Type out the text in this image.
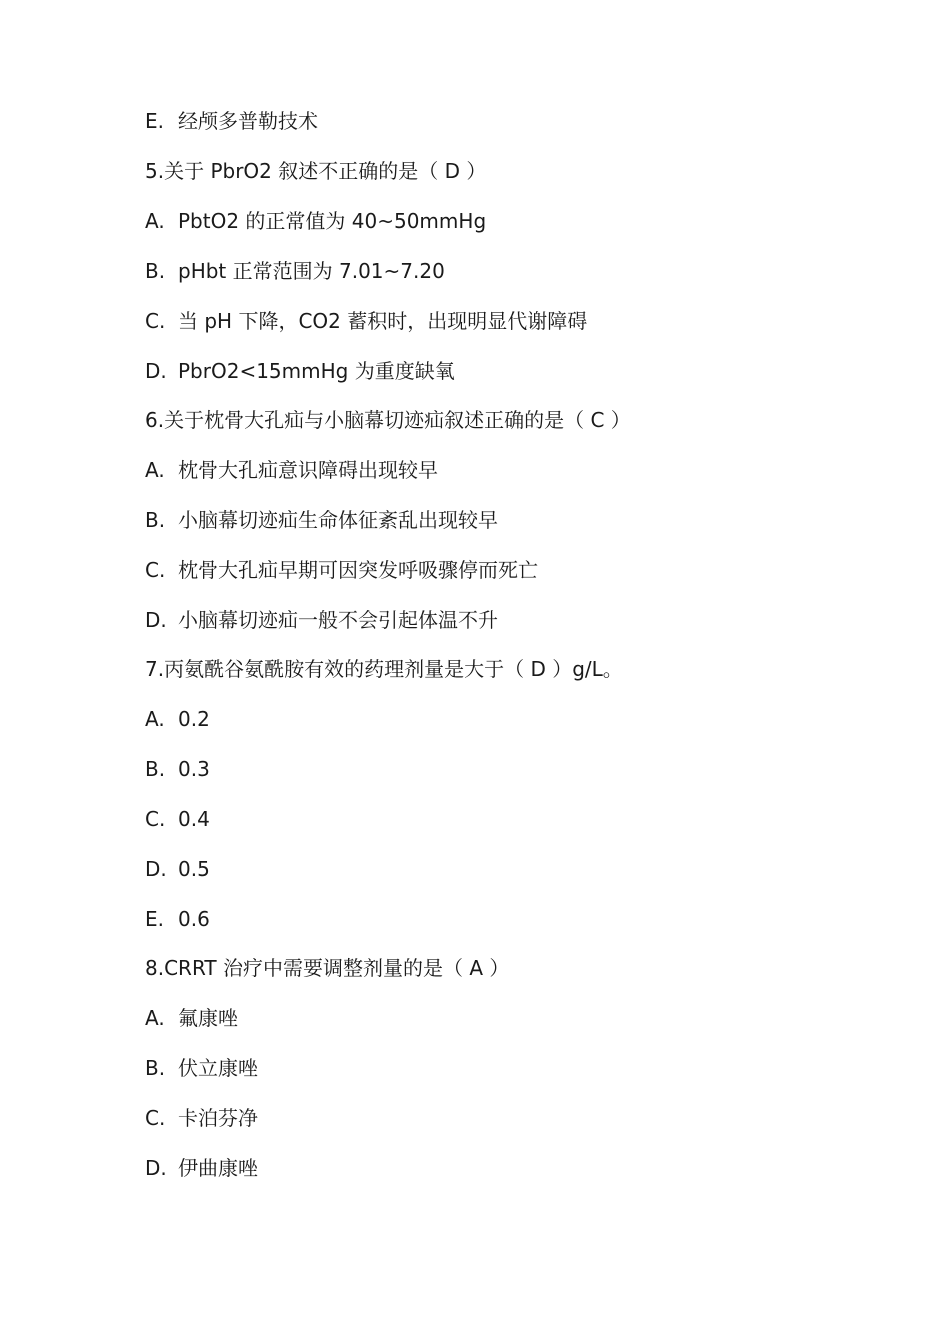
E. 经颅多普勒技术
5.关于 PbrO2 叙述不正确的是（ D ）
A. PbtO2 的正常值为 40~50mmHg
B. pHbt 正常范围为 7.01~7.20
C. 当 pH 下降，CO2 蓄积时，出现明显代谢障碍
D. PbrO2<15mmHg 为重度缺氧
6.关于枕骨大孔疝与小脑幕切迹疝叙述正确的是（ C ）
A. 枕骨大孔疝意识障碍出现较早
B. 小脑幕切迹疝生命体征紊乱出现较早
C. 枕骨大孔疝早期可因突发呼吸骤停而死亡
D. 小脑幕切迹疝一般不会引起体温不升
7.丙氨酰谷氨酰胺有效的药理剂量是大于（ D ）g/L。
A. 0.2
B. 0.3
C. 0.4
D. 0.5
E. 0.6
8.CRRT 治疗中需要调整剂量的是（ A ）
A. 氟康唑
B. 伏立康唑
C. 卡泊芬净
D. 伊曲康唑
